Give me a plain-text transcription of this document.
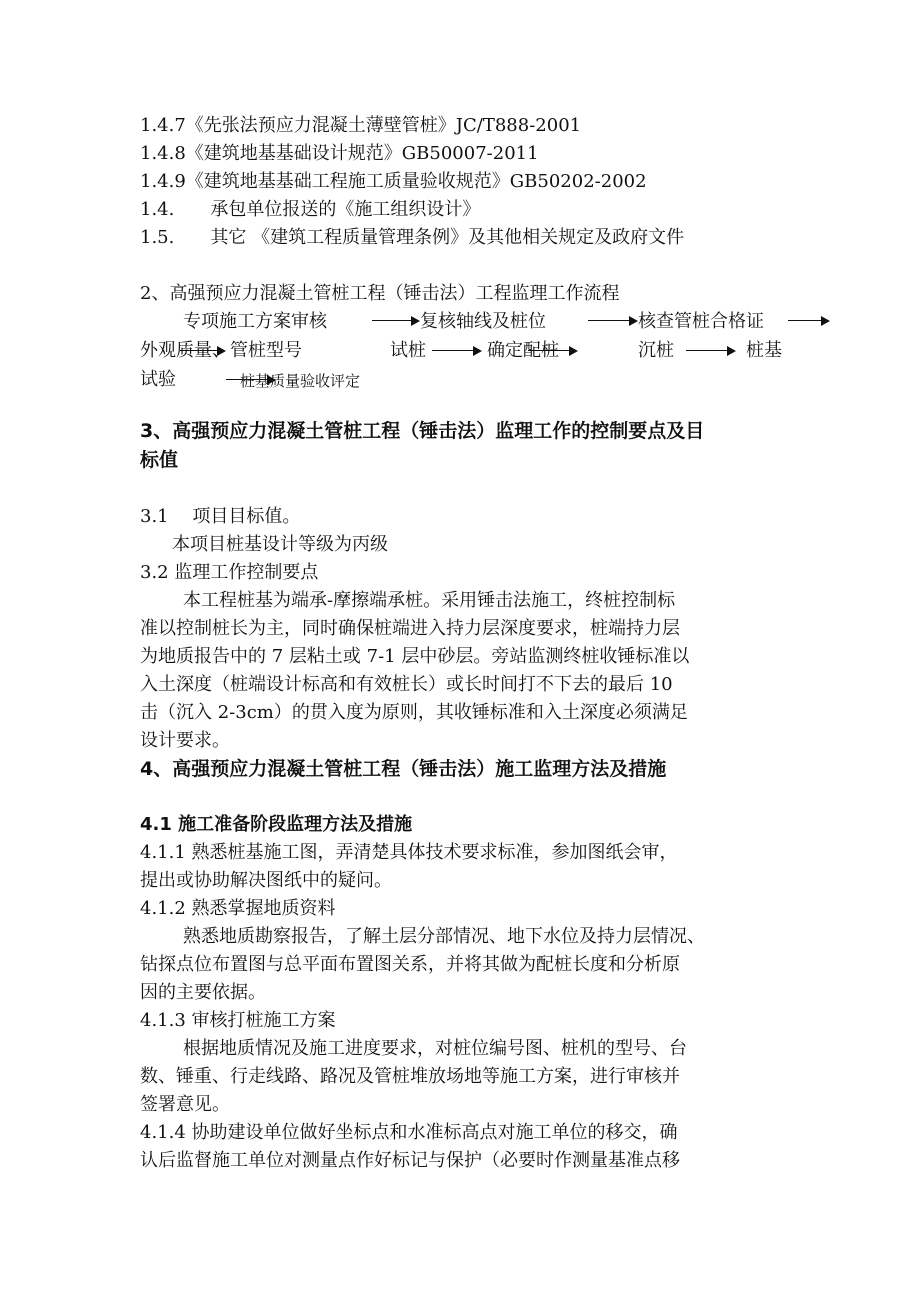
1.4.7《先张法预应力混凝土薄壁管桩》JC/T888-2001

1.4.8《建筑地基基础设计规范》GB50007-2011

1.4.9《建筑地基基础工程施工质量验收规范》GB50202-2002

1.4.　　承包单位报送的《施工组织设计》

1.5.　　其它 《建筑工程质量管理条例》及其他相关规定及政府文件

2、高强预应力混凝土管桩工程（锤击法）工程监理工作流程

专项施工方案审核	复核轴线及桩位	核查管桩合格证
外观质量、管桩型号	试桩	确定配桩	沉桩	桩基
试验	桩基质量验收评定

3、高强预应力混凝土管桩工程（锤击法）监理工作的控制要点及目

标值

3.1　 项目目标值。

本项目桩基设计等级为丙级

3.2 监理工作控制要点

本工程桩基为端承-摩擦端承桩。采用锤击法施工，终桩控制标

准以控制桩长为主，同时确保桩端进入持力层深度要求，桩端持力层

为地质报告中的 7 层粘土或 7-1 层中砂层。旁站监测终桩收锤标准以

入土深度（桩端设计标高和有效桩长）或长时间打不下去的最后 10

击（沉入 2-3cm）的贯入度为原则，其收锤标准和入土深度必须满足

设计要求。

4、高强预应力混凝土管桩工程（锤击法）施工监理方法及措施

4.1 施工准备阶段监理方法及措施

4.1.1 熟悉桩基施工图，弄清楚具体技术要求标准，参加图纸会审，

提出或协助解决图纸中的疑问。

4.1.2 熟悉掌握地质资料

熟悉地质勘察报告，了解土层分部情况、地下水位及持力层情况、

钻探点位布置图与总平面布置图关系，并将其做为配桩长度和分析原

因的主要依据。

4.1.3 审核打桩施工方案

根据地质情况及施工进度要求，对桩位编号图、桩机的型号、台

数、锤重、行走线路、路况及管桩堆放场地等施工方案，进行审核并

签署意见。

4.1.4 协助建设单位做好坐标点和水准标高点对施工单位的移交，确

认后监督施工单位对测量点作好标记与保护（必要时作测量基准点移
